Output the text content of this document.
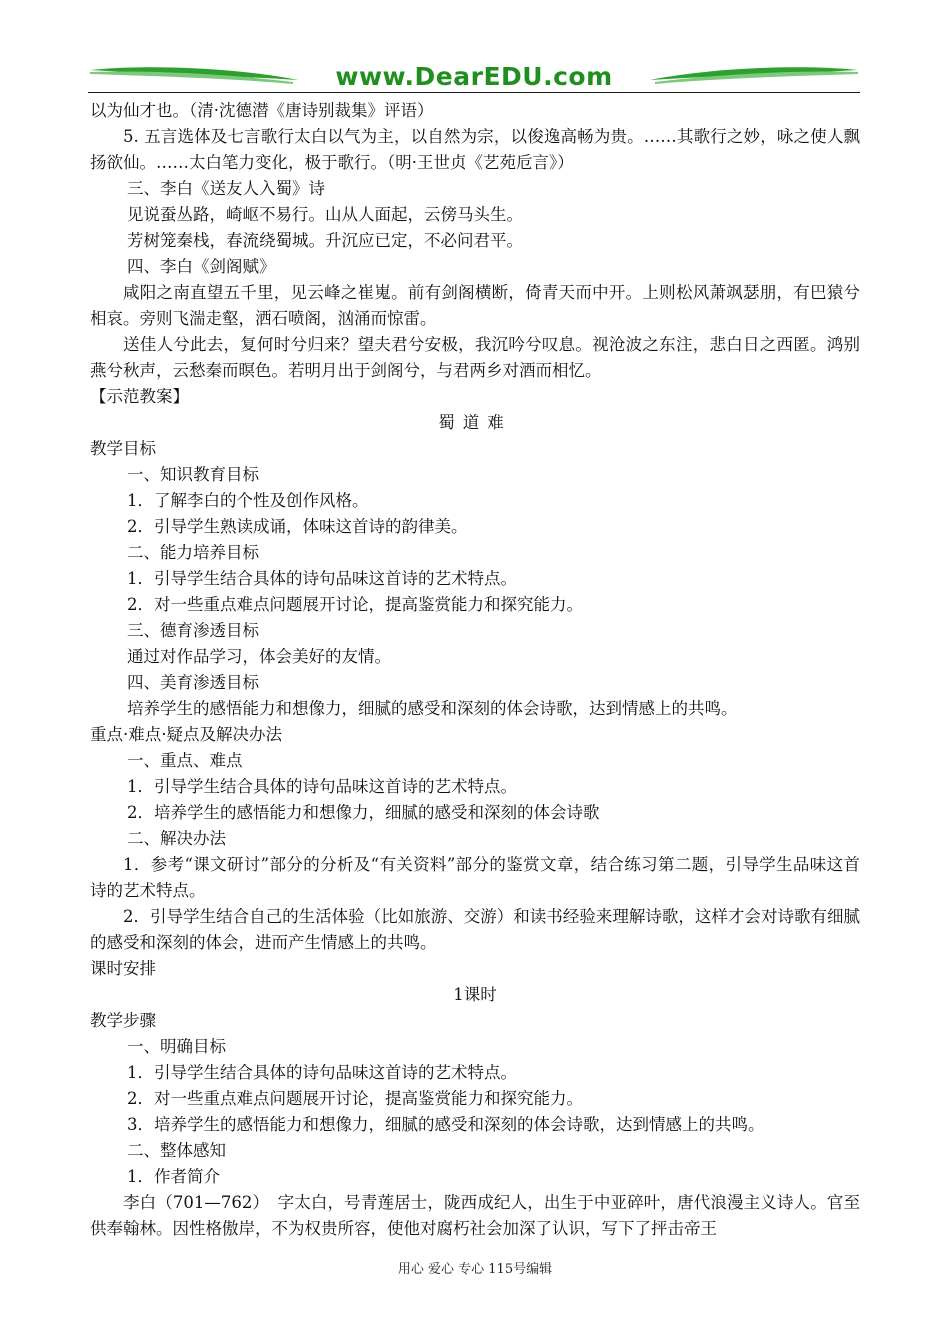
www.DearEDU.com

以为仙才也。（清·沈德潜《唐诗别裁集》评语）

5. 五言选体及七言歌行太白以气为主，以自然为宗，以俊逸高畅为贵。……其歌行之妙，咏之使人飘扬欲仙。……太白笔力变化，极于歌行。（明·王世贞《艺苑卮言》）

三、李白《送友人入蜀》诗

见说蚕丛路，崎岖不易行。山从人面起，云傍马头生。

芳树笼秦栈，春流绕蜀城。升沉应已定，不必问君平。

四、李白《剑阁赋》

咸阳之南直望五千里，见云峰之崔嵬。前有剑阁横断，倚青天而中开。上则松风萧飒瑟朋，有巴猿兮相哀。旁则飞湍走壑，洒石喷阁，汹涌而惊雷。

送佳人兮此去，复何时兮归来？望夫君兮安极，我沉吟兮叹息。视沧波之东注，悲白日之西匿。鸿别燕兮秋声，云愁秦而暝色。若明月出于剑阁兮，与君两乡对酒而相忆。

【示范教案】

蜀道难

教学目标

一、知识教育目标

1．了解李白的个性及创作风格。

2．引导学生熟读成诵，体味这首诗的韵律美。

二、能力培养目标

1．引导学生结合具体的诗句品味这首诗的艺术特点。

2．对一些重点难点问题展开讨论，提高鉴赏能力和探究能力。

三、德育渗透目标

通过对作品学习，体会美好的友情。

四、美育渗透目标

培养学生的感悟能力和想像力，细腻的感受和深刻的体会诗歌，达到情感上的共鸣。

重点·难点·疑点及解决办法

一、重点、难点

1．引导学生结合具体的诗句品味这首诗的艺术特点。

2．培养学生的感悟能力和想像力，细腻的感受和深刻的体会诗歌

二、解决办法

1．参考“课文研讨”部分的分析及“有关资料”部分的鉴赏文章，结合练习第二题，引导学生品味这首诗的艺术特点。

2．引导学生结合自己的生活体验（比如旅游、交游）和读书经验来理解诗歌，这样才会对诗歌有细腻的感受和深刻的体会，进而产生情感上的共鸣。

课时安排

1课时

教学步骤

一、明确目标

1．引导学生结合具体的诗句品味这首诗的艺术特点。

2．对一些重点难点问题展开讨论，提高鉴赏能力和探究能力。

3．培养学生的感悟能力和想像力，细腻的感受和深刻的体会诗歌，达到情感上的共鸣。

二、整体感知

1．作者简介

李白（701—762）　字太白，号青莲居士，陇西成纪人，出生于中亚碎叶，唐代浪漫主义诗人。官至供奉翰林。因性格傲岸，不为权贵所容，使他对腐朽社会加深了认识，写下了抨击帝王

用心 爱心 专心 115号编辑
